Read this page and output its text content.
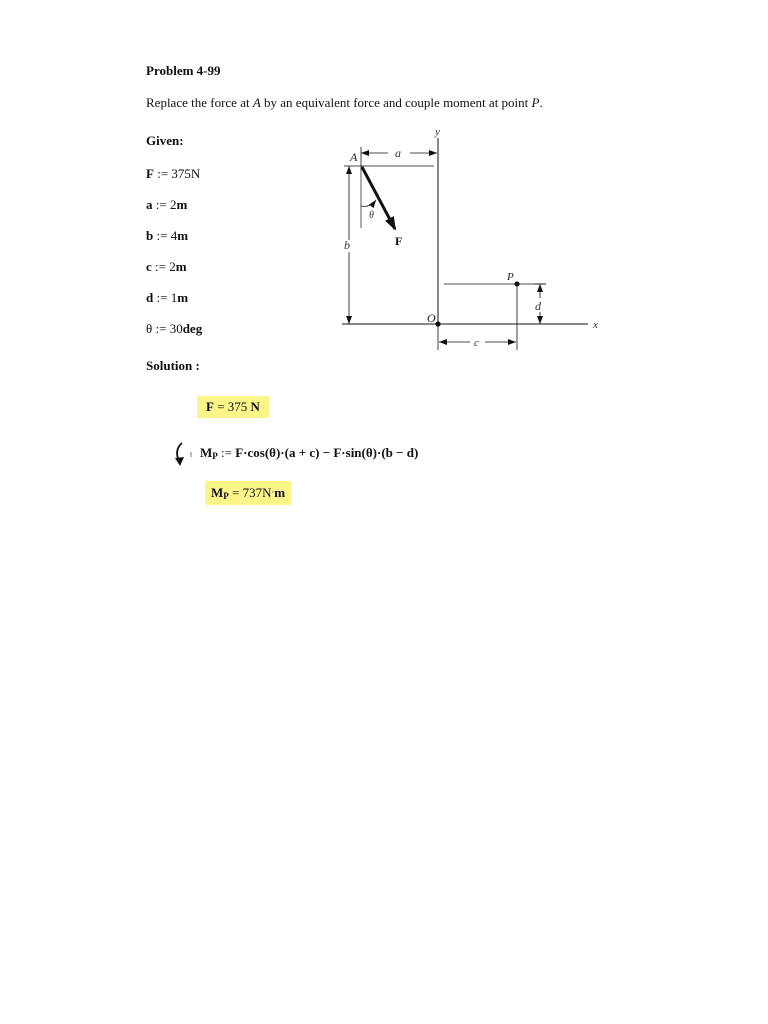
Problem 4-99
Replace the force at A by an equivalent force and couple moment at point P.
Given:
F := 375N
a := 2m
b := 4m
c := 2m
d := 1m
θ := 30deg
y
x
A	a
b
θ
F
P
d
O
c
Solution :
F = 375 N
$M_P$ := F·cos(θ)·(a + c) − F·sin(θ)·(b − d)
$M_P = 737N\cdot m$
